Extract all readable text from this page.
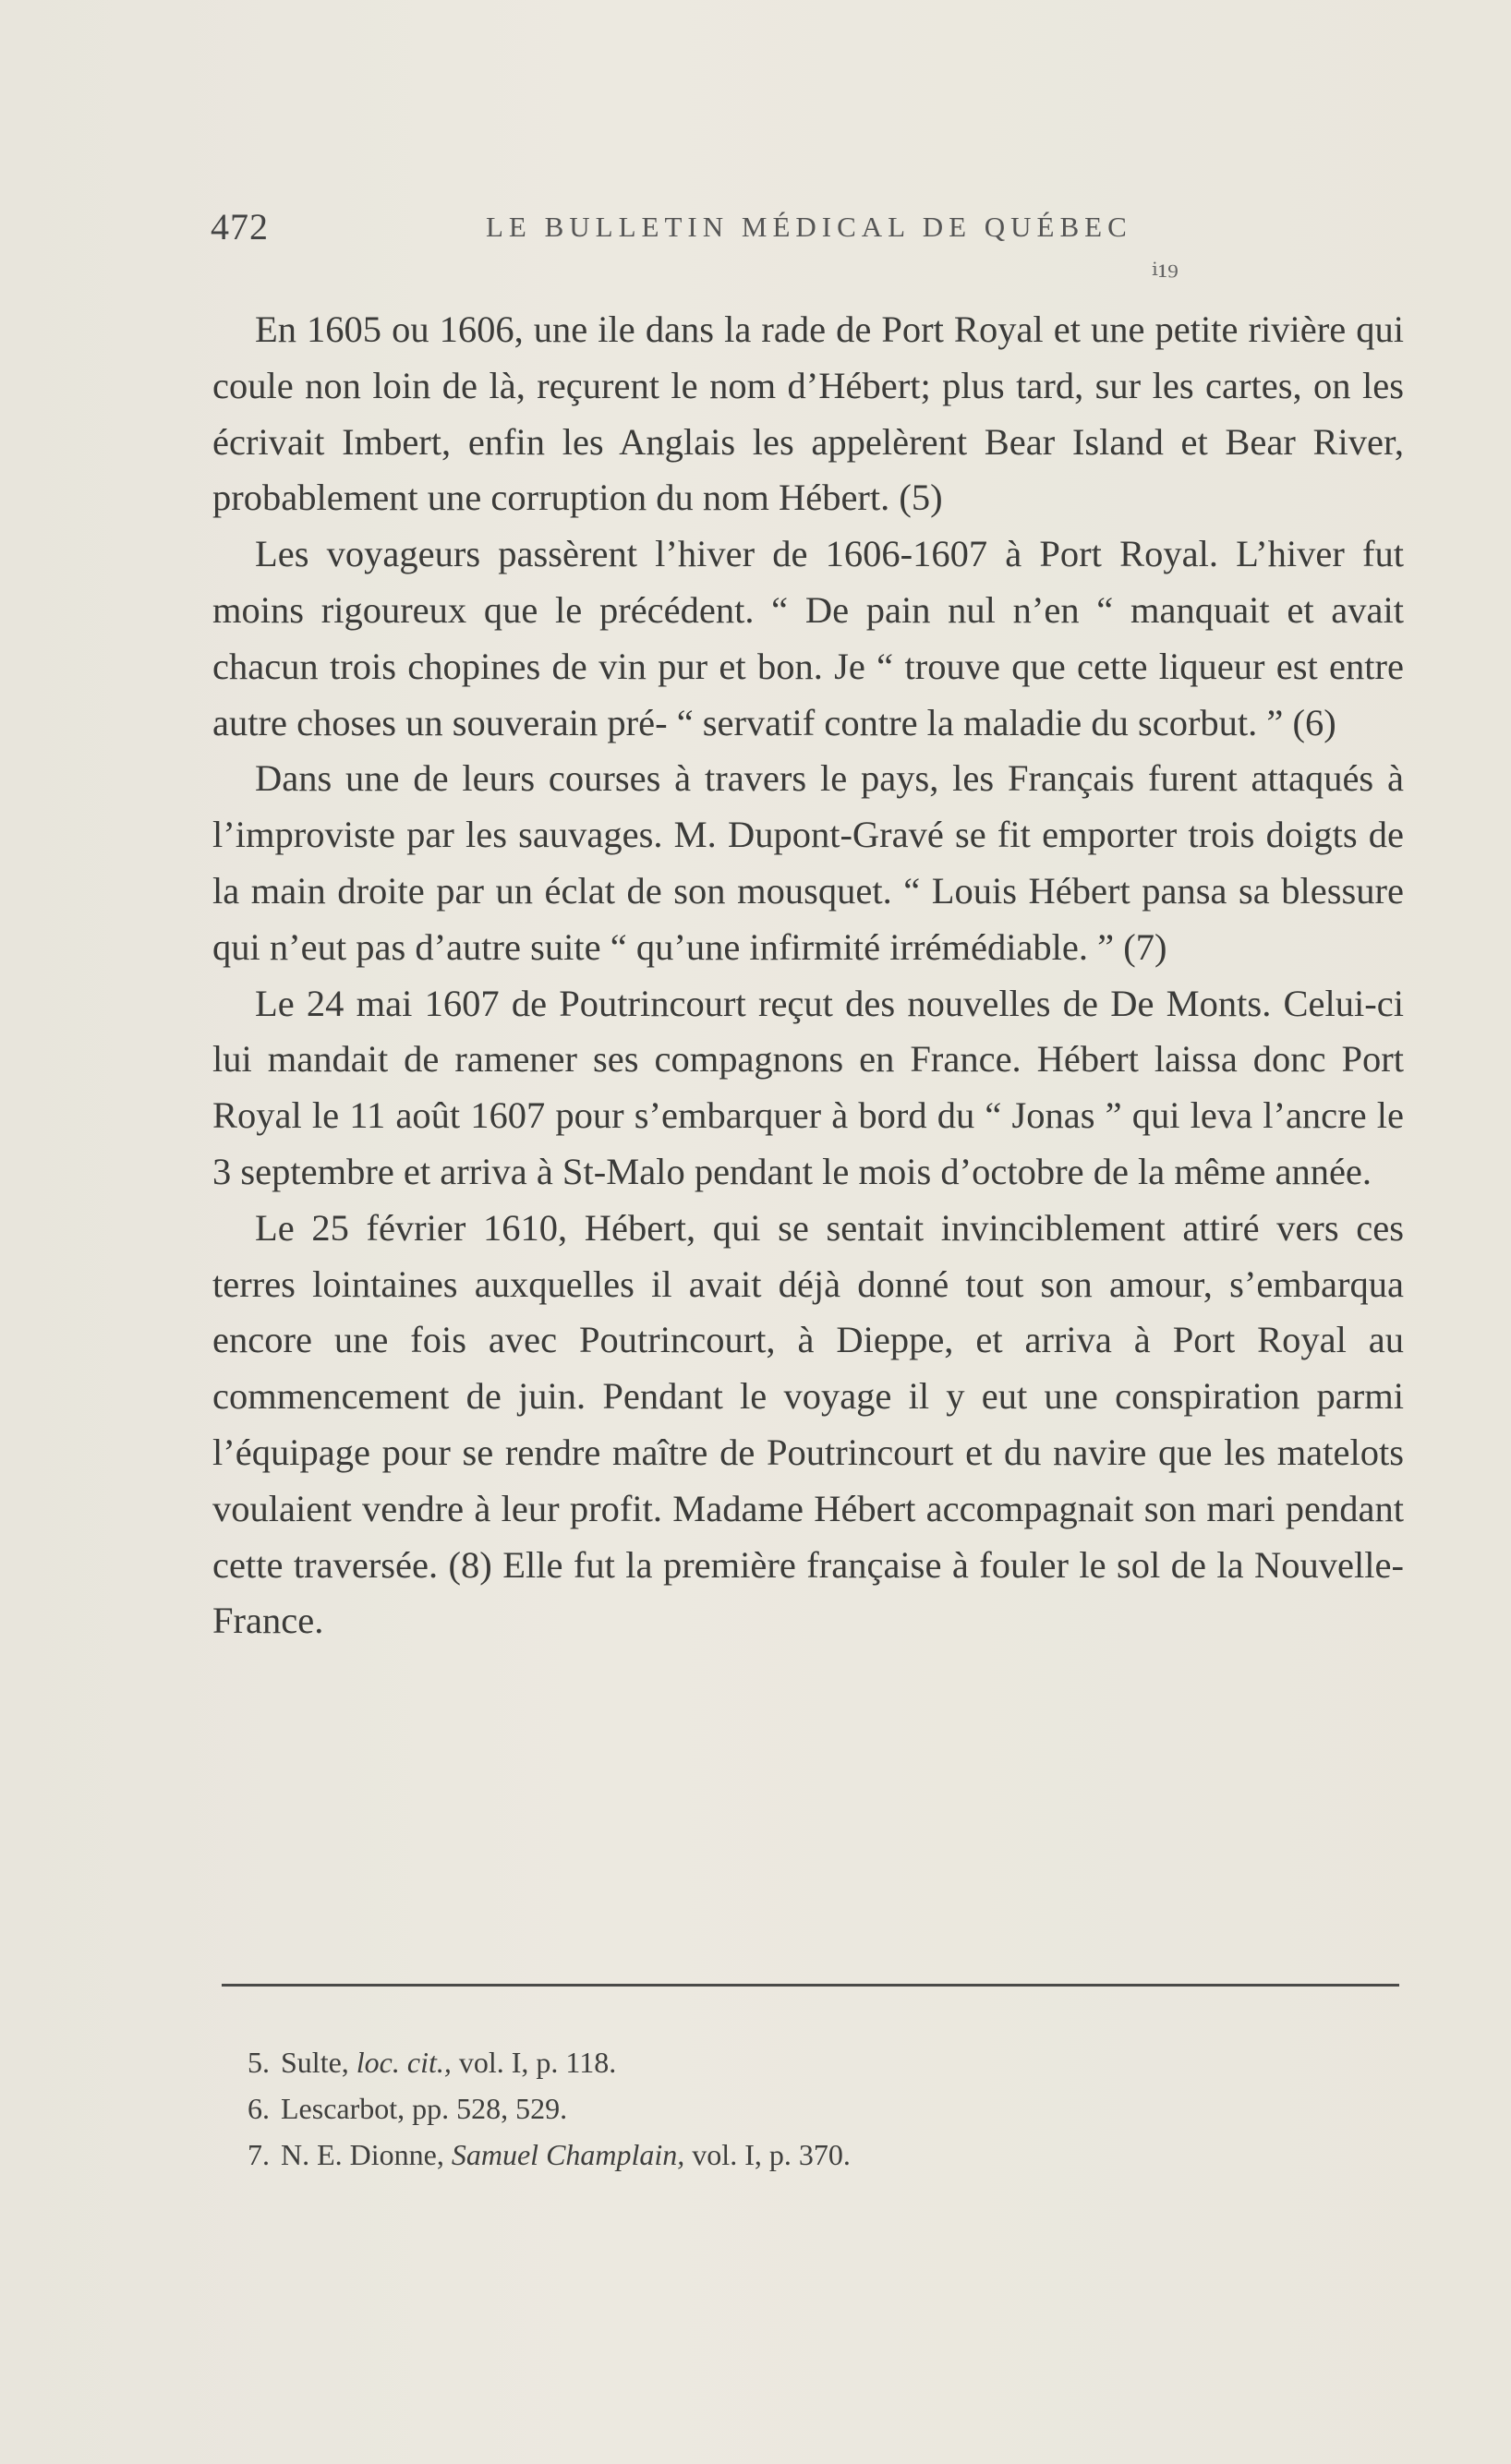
472	LE BULLETIN MÉDICAL DE QUÉBEC
ⁱ¹⁹

En 1605 ou 1606, une ile dans la rade de Port Royal et une petite rivière qui coule non loin de là, reçurent le nom d’Hébert; plus tard, sur les cartes, on les écrivait Imbert, enfin les Anglais les appelèrent Bear Island et Bear River, probablement une corruption du nom Hébert. (5)

Les voyageurs passèrent l’hiver de 1606-1607 à Port Royal. L’hiver fut moins rigoureux que le précédent. “ De pain nul n’en “ manquait et avait chacun trois chopines de vin pur et bon. Je “ trouve que cette liqueur est entre autre choses un souverain pré- “ servatif contre la maladie du scorbut. ” (6)

Dans une de leurs courses à travers le pays, les Français furent attaqués à l’improviste par les sauvages. M. Dupont-Gravé se fit emporter trois doigts de la main droite par un éclat de son mousquet. “ Louis Hébert pansa sa blessure qui n’eut pas d’autre suite “ qu’une infirmité irrémédiable. ” (7)

Le 24 mai 1607 de Poutrincourt reçut des nouvelles de De Monts. Celui-ci lui mandait de ramener ses compagnons en France. Hébert laissa donc Port Royal le 11 août 1607 pour s’embarquer à bord du “ Jonas ” qui leva l’ancre le 3 septembre et arriva à St-Malo pendant le mois d’octobre de la même année.

Le 25 février 1610, Hébert, qui se sentait invinciblement attiré vers ces terres lointaines auxquelles il avait déjà donné tout son amour, s’embarqua encore une fois avec Poutrincourt, à Dieppe, et arriva à Port Royal au commencement de juin. Pendant le voyage il y eut une conspiration parmi l’équipage pour se rendre maître de Poutrincourt et du navire que les matelots voulaient vendre à leur profit. Madame Hébert accompagnait son mari pendant cette traversée. (8) Elle fut la première française à fouler le sol de la Nouvelle-France.

5. Sulte, loc. cit., vol. I, p. 118.
6. Lescarbot, pp. 528, 529.
7. N. E. Dionne, Samuel Champlain, vol. I, p. 370.
